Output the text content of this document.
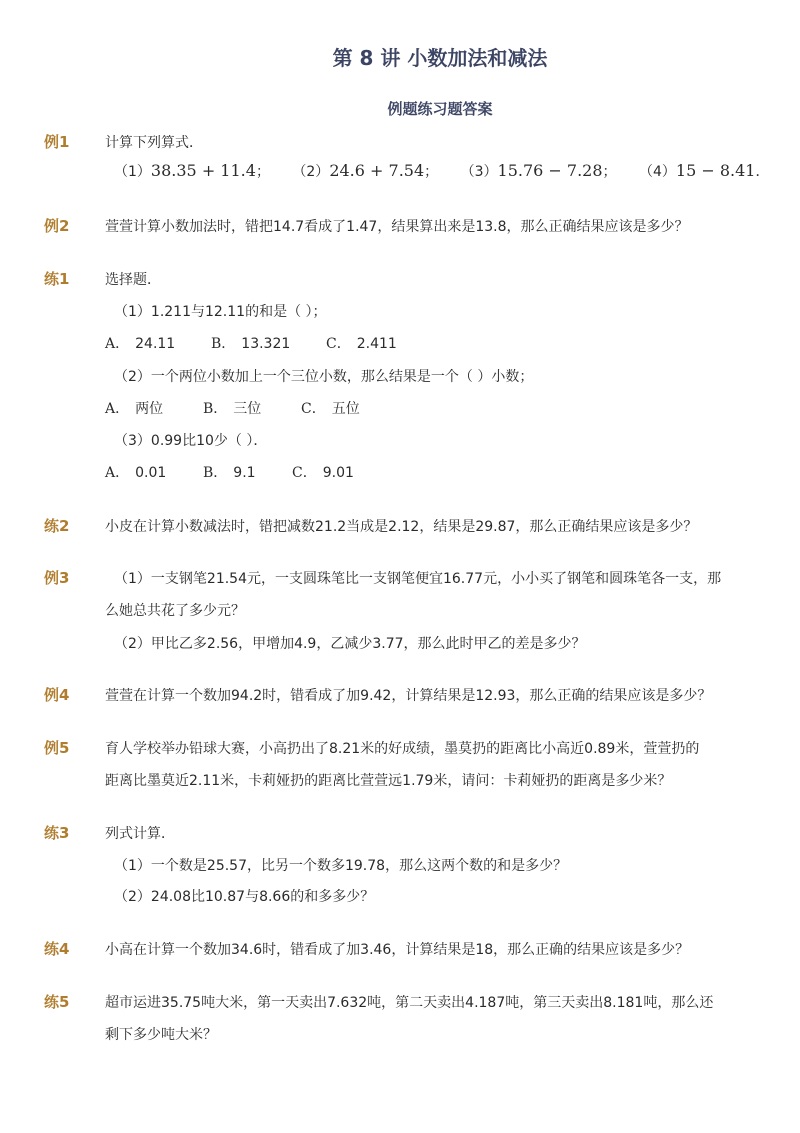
第 8 讲 小数加法和减法
例题练习题答案
例1	计算下列算式．
（1）38.35 + 11.4； （2）24.6 + 7.54； （3）15.76 − 7.28； （4）15 − 8.41．
例2	萱萱计算小数加法时，错把14.7看成了1.47，结果算出来是13.8，那么正确结果应该是多少？
练1	选择题．
（1）1.211与12.11的和是（ ）；
A． 24.11	B． 13.321	C． 2.411
（2）一个两位小数加上一个三位小数，那么结果是一个（ ）小数；
A． 两位	B． 三位	C． 五位
（3）0.99比10少（ ）．
A． 0.01	B． 9.1	C． 9.01
练2	小皮在计算小数减法时，错把减数21.2当成是2.12，结果是29.87，那么正确结果应该是多少？
例3	（1）一支钢笔21.54元，一支圆珠笔比一支钢笔便宜16.77元，小小买了钢笔和圆珠笔各一支，那
么她总共花了多少元？
（2）甲比乙多2.56，甲增加4.9，乙减少3.77，那么此时甲乙的差是多少？
例4	萱萱在计算一个数加94.2时，错看成了加9.42，计算结果是12.93，那么正确的结果应该是多少？
例5	育人学校举办铅球大赛，小高扔出了8.21米的好成绩，墨莫扔的距离比小高近0.89米，萱萱扔的
距离比墨莫近2.11米，卡莉娅扔的距离比萱萱远1.79米，请问：卡莉娅扔的距离是多少米？
练3	列式计算．
（1）一个数是25.57，比另一个数多19.78，那么这两个数的和是多少？
（2）24.08比10.87与8.66的和多多少？
练4	小高在计算一个数加34.6时，错看成了加3.46，计算结果是18，那么正确的结果应该是多少？
练5	超市运进35.75吨大米，第一天卖出7.632吨，第二天卖出4.187吨，第三天卖出8.181吨，那么还
剩下多少吨大米？
